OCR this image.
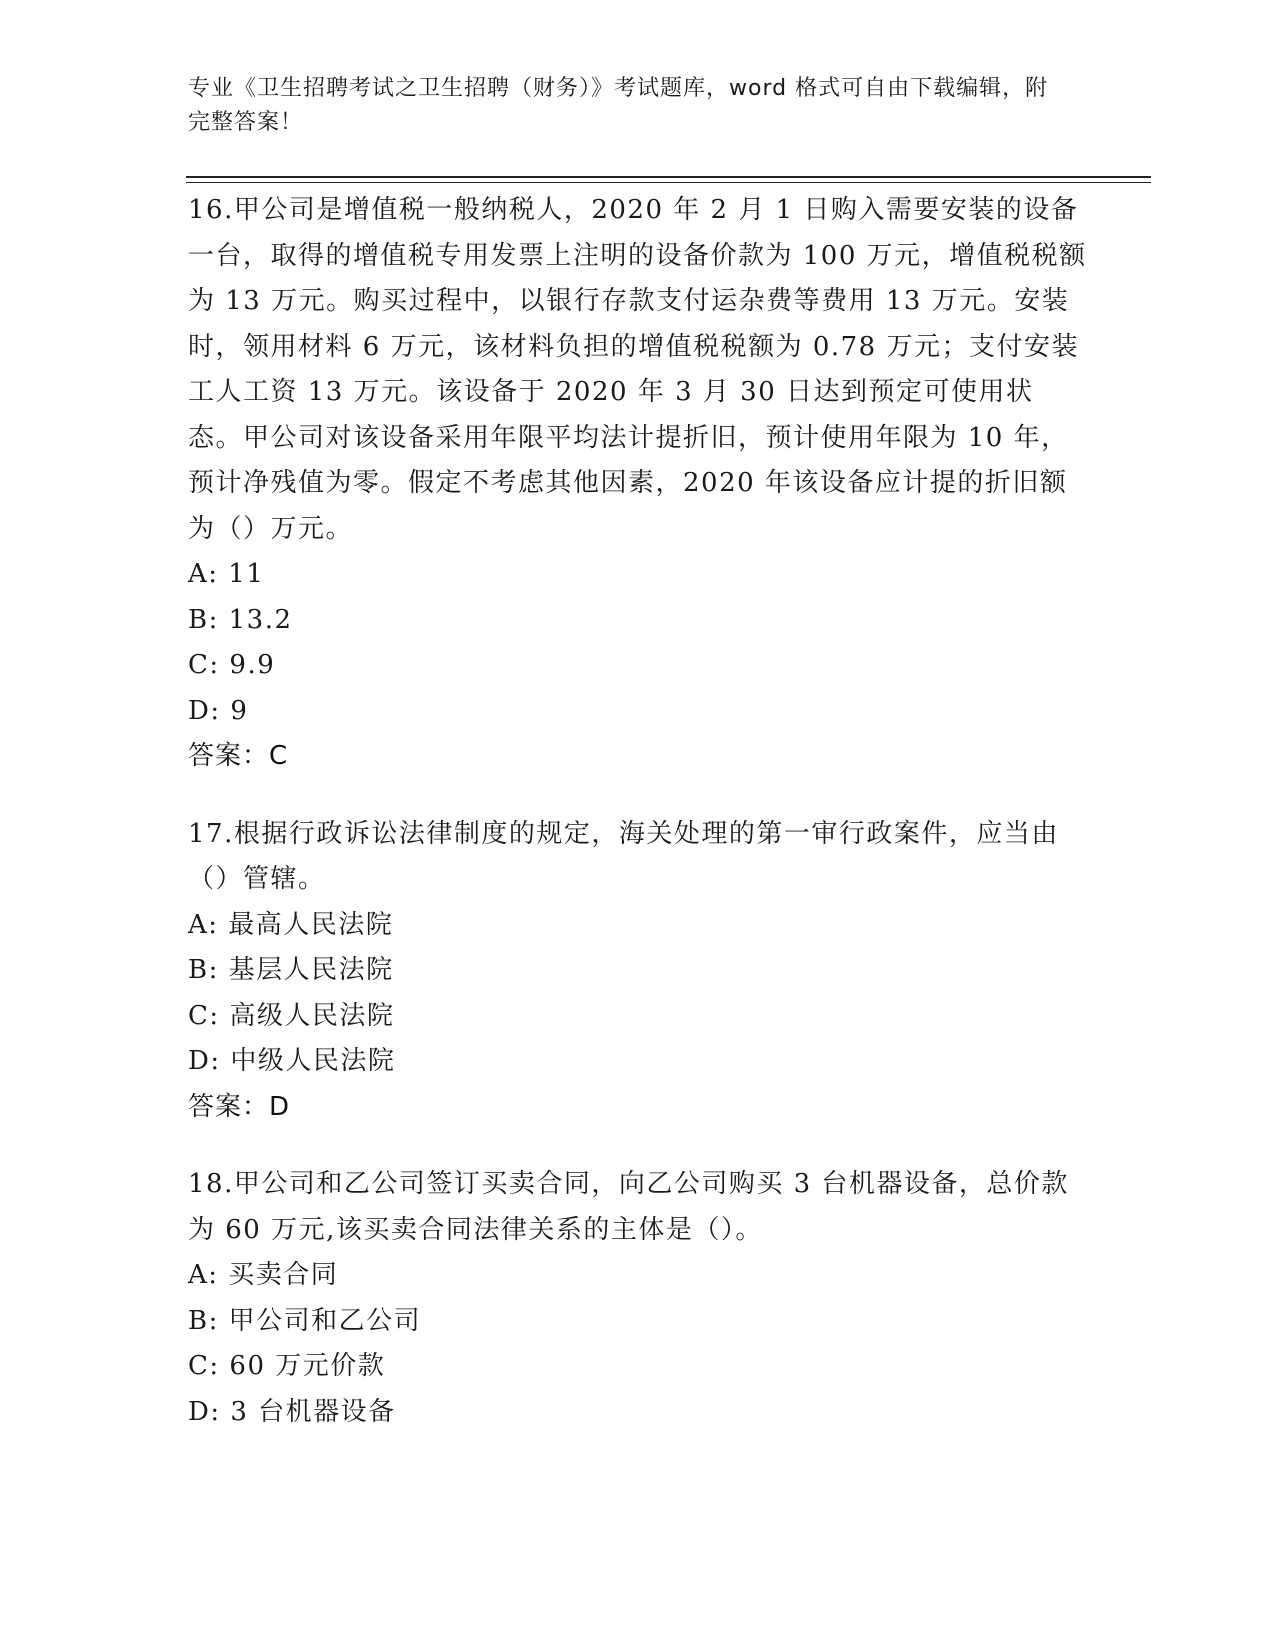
专业《卫生招聘考试之卫生招聘（财务）》考试题库，word 格式可自由下载编辑，附完整答案！

16.甲公司是增值税一般纳税人，2020 年 2 月 1 日购入需要安装的设备一台，取得的增值税专用发票上注明的设备价款为 100 万元，增值税税额为 13 万元。购买过程中，以银行存款支付运杂费等费用 13 万元。安装时，领用材料 6 万元，该材料负担的增值税税额为 0.78 万元；支付安装工人工资 13 万元。该设备于 2020 年 3 月 30 日达到预定可使用状态。甲公司对该设备采用年限平均法计提折旧，预计使用年限为 10 年，预计净残值为零。假定不考虑其他因素，2020 年该设备应计提的折旧额为（）万元。

A: 11
B: 13.2
C: 9.9
D: 9
答案：C

17.根据行政诉讼法律制度的规定，海关处理的第一审行政案件，应当由（）管辖。

A: 最高人民法院
B: 基层人民法院
C: 高级人民法院
D: 中级人民法院
答案：D

18.甲公司和乙公司签订买卖合同，向乙公司购买 3 台机器设备，总价款为 60 万元,该买卖合同法律关系的主体是（）。

A: 买卖合同
B: 甲公司和乙公司
C: 60 万元价款
D: 3 台机器设备
